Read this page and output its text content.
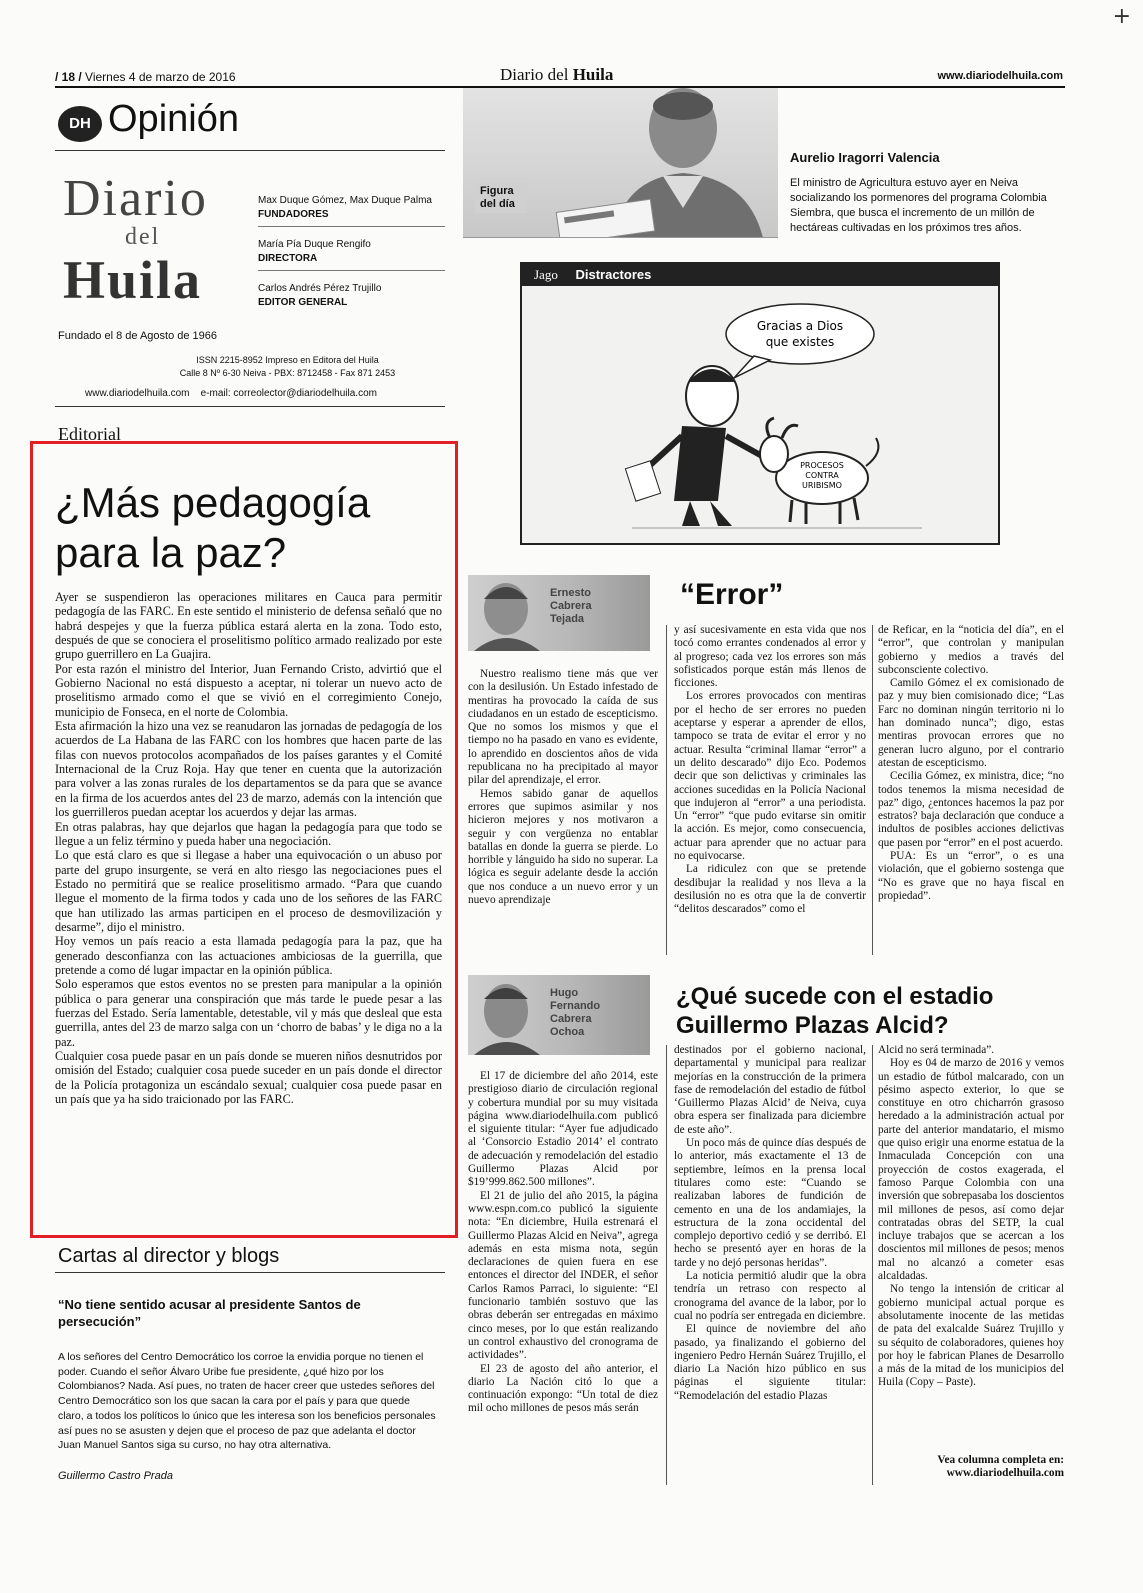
+
/ 18 / Viernes 4 de marzo de 2016	Diario del Huila	www.diariodelhuila.com
DH Opinión
Diario
del
Huila
Max Duque Gómez, Max Duque Palma
FUNDADORES
María Pía Duque Rengifo
DIRECTORA
Carlos Andrés Pérez Trujillo
EDITOR GENERAL
Fundado el 8 de Agosto de 1966
ISSN 2215-8952 Impreso en Editora del Huila
Calle 8 Nº 6-30 Neiva - PBX: 8712458 - Fax 871 2453
www.diariodelhuila.com e-mail: correolector@diariodelhuila.com
Figura del día
Aurelio Iragorri Valencia
El ministro de Agricultura estuvo ayer en Neiva socializando los pormenores del programa Colombia Siembra, que busca el incremento de un millón de hectáreas cultivadas en los próximos tres años.
Jago Distractores
Gracias a Dios
que existes
PROCESOS
CONTRA
URIBISMO
Editorial
¿Más pedagogía para la paz?

Ayer se suspendieron las operaciones militares en Cauca para permitir pedagogía de las FARC. En este sentido el ministerio de defensa señaló que no habrá despejes y que la fuerza pública estará alerta en la zona. Todo esto, después de que se conociera el proselitismo político armado realizado por este grupo guerrillero en La Guajira.

Por esta razón el ministro del Interior, Juan Fernando Cristo, advirtió que el Gobierno Nacional no está dispuesto a aceptar, ni tolerar un nuevo acto de proselitismo armado como el que se vivió en el corregimiento Conejo, municipio de Fonseca, en el norte de Colombia.

Esta afirmación la hizo una vez se reanudaron las jornadas de pedagogía de los acuerdos de La Habana de las FARC con los hombres que hacen parte de las filas con nuevos protocolos acompañados de los países garantes y el Comité Internacional de la Cruz Roja. Hay que tener en cuenta que la autorización para volver a las zonas rurales de los departamentos se da para que se avance en la firma de los acuerdos antes del 23 de marzo, además con la intención que los guerrilleros puedan aceptar los acuerdos y dejar las armas.

En otras palabras, hay que dejarlos que hagan la pedagogía para que todo se llegue a un feliz término y pueda haber una negociación.

Lo que está claro es que si llegase a haber una equivocación o un abuso por parte del grupo insurgente, se verá en alto riesgo las negociaciones pues el Estado no permitirá que se realice proselitismo armado. “Para que cuando llegue el momento de la firma todos y cada uno de los señores de las FARC que han utilizado las armas participen en el proceso de desmovilización y desarme”, dijo el ministro.

Hoy vemos un país reacio a esta llamada pedagogía para la paz, que ha generado desconfianza con las actuaciones ambiciosas de la guerrilla, que pretende a como dé lugar impactar en la opinión pública.

Solo esperamos que estos eventos no se presten para manipular a la opinión pública o para generar una conspiración que más tarde le puede pesar a las fuerzas del Estado. Sería lamentable, detestable, vil y más que desleal que esta guerrilla, antes del 23 de marzo salga con un ‘chorro de babas’ y le diga no a la paz.

Cualquier cosa puede pasar en un país donde se mueren niños desnutridos por omisión del Estado; cualquier cosa puede suceder en un país donde el director de la Policía protagoniza un escándalo sexual; cualquier cosa puede pasar en un país que ya ha sido traicionado por las FARC.

Cartas al director y blogs
“No tiene sentido acusar al presidente Santos de persecución”
A los señores del Centro Democrático los corroe la envidia porque no tienen el poder. Cuando el señor Álvaro Uribe fue presidente, ¿qué hizo por los Colombianos? Nada. Así pues, no traten de hacer creer que ustedes señores del Centro Democrático son los que sacan la cara por el país y para que quede claro, a todos los políticos lo único que les interesa son los beneficios personales así pues no se asusten y dejen que el proceso de paz que adelanta el doctor Juan Manuel Santos siga su curso, no hay otra alternativa.
Guillermo Castro Prada
Ernesto Cabrera Tejada
“Error”

Nuestro realismo tiene más que ver con la desilusión. Un Estado infestado de mentiras ha provocado la caída de sus ciudadanos en un estado de escepticismo. Que no somos los mismos y que el tiempo no ha pasado en vano es evidente, lo aprendido en doscientos años de vida republicana no ha precipitado al mayor pilar del aprendizaje, el error.

Hemos sabido ganar de aquellos errores que supimos asimilar y nos hicieron mejores y nos motivaron a seguir y con vergüenza no entablar batallas en donde la guerra se pierde. Lo horrible y lánguido ha sido no superar. La lógica es seguir adelante desde la acción que nos conduce a un nuevo error y un nuevo aprendizaje

y así sucesivamente en esta vida que nos tocó como errantes condenados al error y al progreso; cada vez los errores son más sofisticados porque están más llenos de ficciones.

Los errores provocados con mentiras por el hecho de ser errores no pueden aceptarse y esperar a aprender de ellos, tampoco se trata de evitar el error y no actuar. Resulta “criminal llamar “error” a un delito descarado” dijo Eco. Podemos decir que son delictivas y criminales las acciones sucedidas en la Policía Nacional que indujeron al “error” a una periodista. Un “error” “que pudo evitarse sin omitir la acción. Es mejor, como consecuencia, actuar para aprender que no actuar para no equivocarse.

La ridiculez con que se pretende desdibujar la realidad y nos lleva a la desilusión no es otra que la de convertir “delitos descarados” como el

de Reficar, en la “noticia del día”, en el “error”, que controlan y manipulan gobierno y medios a través del subconsciente colectivo.

Camilo Gómez el ex comisionado de paz y muy bien comisionado dice; “Las Farc no dominan ningún territorio ni lo han dominado nunca”; digo, estas mentiras provocan errores que no generan lucro alguno, por el contrario atestan de escepticismo.

Cecilia Gómez, ex ministra, dice; “no todos tenemos la misma necesidad de paz” digo, ¿entonces hacemos la paz por estratos? baja declaración que conduce a indultos de posibles acciones delictivas que pasen por “error” en el post acuerdo.

PUA: Es un “error”, o es una violación, que el gobierno sostenga que “No es grave que no haya fiscal en propiedad”.

Hugo Fernando Cabrera Ochoa
¿Qué sucede con el estadio Guillermo Plazas Alcid?

El 17 de diciembre del año 2014, este prestigioso diario de circulación regional y cobertura mundial por su muy visitada página www.diariodelhuila.com publicó el siguiente titular: “Ayer fue adjudicado al ‘Consorcio Estadio 2014’ el contrato de adecuación y remodelación del estadio Guillermo Plazas Alcid por $19’999.862.500 millones”.

El 21 de julio del año 2015, la página www.espn.com.co publicó la siguiente nota: “En diciembre, Huila estrenará el Guillermo Plazas Alcid en Neiva”, agrega además en esta misma nota, según declaraciones de quien fuera en ese entonces el director del INDER, el señor Carlos Ramos Parraci, lo siguiente: “El funcionario también sostuvo que las obras deberán ser entregadas en máximo cinco meses, por lo que están realizando un control exhaustivo del cronograma de actividades”.

El 23 de agosto del año anterior, el diario La Nación citó lo que a continuación expongo: “Un total de diez mil ocho millones de pesos más serán

destinados por el gobierno nacional, departamental y municipal para realizar mejorías en la construcción de la primera fase de remodelación del estadio de fútbol ‘Guillermo Plazas Alcid’ de Neiva, cuya obra espera ser finalizada para diciembre de este año”.

Un poco más de quince días después de lo anterior, más exactamente el 13 de septiembre, leímos en la prensa local titulares como este: “Cuando se realizaban labores de fundición de cemento en una de los andamiajes, la estructura de la zona occidental del complejo deportivo cedió y se derribó. El hecho se presentó ayer en horas de la tarde y no dejó personas heridas”.

La noticia permitió aludir que la obra tendría un retraso con respecto al cronograma del avance de la labor, por lo cual no podría ser entregada en diciembre.

El quince de noviembre del año pasado, ya finalizando el gobierno del ingeniero Pedro Hernán Suárez Trujillo, el diario La Nación hizo público en sus páginas el siguiente titular: “Remodelación del estadio Plazas

Alcid no será terminada”.

Hoy es 04 de marzo de 2016 y vemos un estadio de fútbol malcarado, con un pésimo aspecto exterior, lo que se constituye en otro chicharrón grasoso heredado a la administración actual por parte del anterior mandatario, el mismo que quiso erigir una enorme estatua de la Inmaculada Concepción con una proyección de costos exagerada, el famoso Parque Colombia con una inversión que sobrepasaba los doscientos mil millones de pesos, así como dejar contratadas obras del SETP, la cual incluye trabajos que se acercan a los doscientos mil millones de pesos; menos mal no alcanzó a cometer esas alcaldadas.

No tengo la intensión de criticar al gobierno municipal actual porque es absolutamente inocente de las metidas de pata del exalcalde Suárez Trujillo y su séquito de colaboradores, quienes hoy por hoy le fabrican Planes de Desarrollo a más de la mitad de los municipios del Huila (Copy – Paste).

Vea columna completa en:
www.diariodelhuila.com
